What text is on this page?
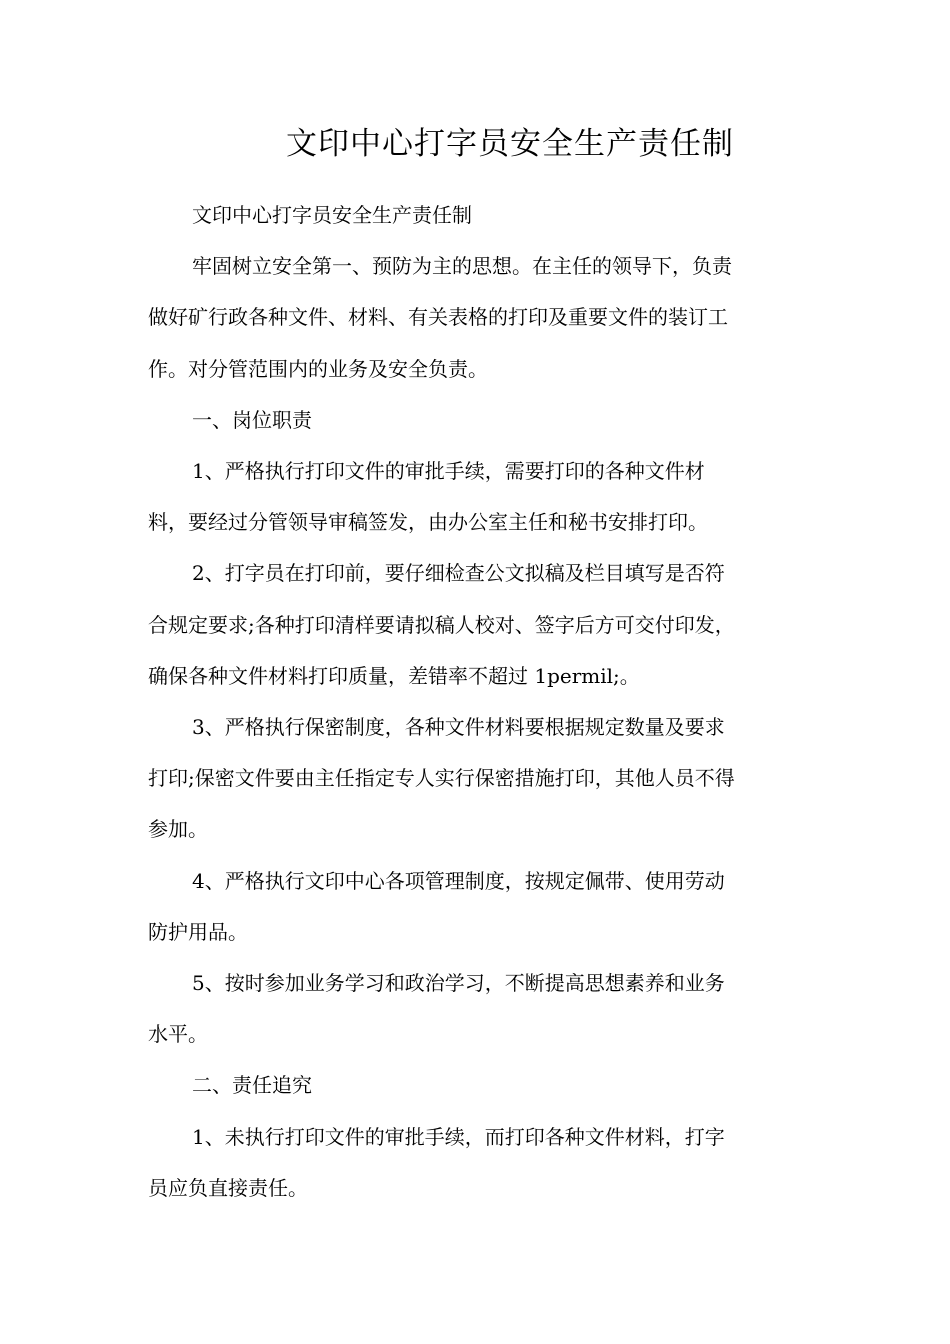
文印中心打字员安全生产责任制

文印中心打字员安全生产责任制

牢固树立安全第一、预防为主的思想。在主任的领导下，负责
做好矿行政各种文件、材料、有关表格的打印及重要文件的装订工
作。对分管范围内的业务及安全负责。

一、岗位职责

1、严格执行打印文件的审批手续，需要打印的各种文件材
料，要经过分管领导审稿签发，由办公室主任和秘书安排打印。

2、打字员在打印前，要仔细检查公文拟稿及栏目填写是否符
合规定要求;各种打印清样要请拟稿人校对、签字后方可交付印发，
确保各种文件材料打印质量，差错率不超过 1permil;。

3、严格执行保密制度，各种文件材料要根据规定数量及要求
打印;保密文件要由主任指定专人实行保密措施打印，其他人员不得
参加。

4、严格执行文印中心各项管理制度，按规定佩带、使用劳动
防护用品。

5、按时参加业务学习和政治学习，不断提高思想素养和业务
水平。

二、责任追究

1、未执行打印文件的审批手续，而打印各种文件材料，打字
员应负直接责任。
